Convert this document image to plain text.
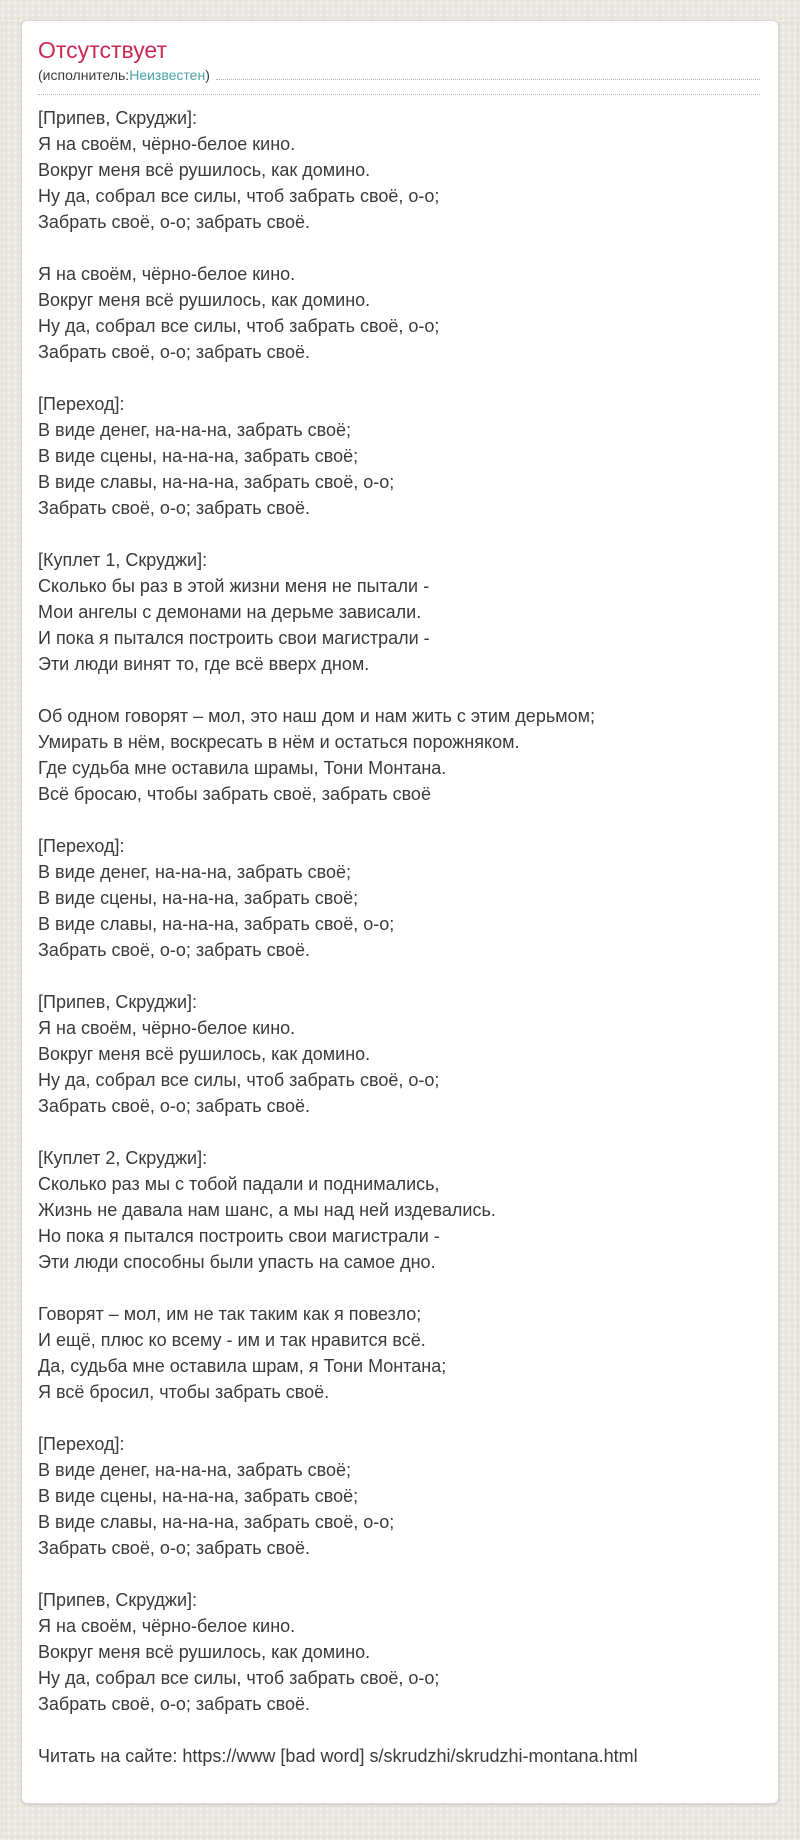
Отсутствует
(исполнитель: Неизвестен )

[Припев, Скруджи]:
Я на своём, чёрно-белое кино.
Вокруг меня всё рушилось, как домино.
Ну да, собрал все силы, чтоб забрать своё, о-о;
Забрать своё, о-о; забрать своё.

Я на своём, чёрно-белое кино.
Вокруг меня всё рушилось, как домино.
Ну да, собрал все силы, чтоб забрать своё, о-о;
Забрать своё, о-о; забрать своё.

[Переход]:
В виде денег, на-на-на, забрать своё;
В виде сцены, на-на-на, забрать своё;
В виде славы, на-на-на, забрать своё, о-о;
Забрать своё, о-о; забрать своё.

[Куплет 1, Скруджи]:
Сколько бы раз в этой жизни меня не пытали -
Мои ангелы с демонами на дерьме зависали.
И пока я пытался построить свои магистрали -
Эти люди винят то, где всё вверх дном.

Об одном говорят – мол, это наш дом и нам жить с этим дерьмом;
Умирать в нём, воскресать в нём и остаться порожняком.
Где судьба мне оставила шрамы, Тони Монтана.
Всё бросаю, чтобы забрать своё, забрать своё

[Переход]:
В виде денег, на-на-на, забрать своё;
В виде сцены, на-на-на, забрать своё;
В виде славы, на-на-на, забрать своё, о-о;
Забрать своё, о-о; забрать своё.

[Припев, Скруджи]:
Я на своём, чёрно-белое кино.
Вокруг меня всё рушилось, как домино.
Ну да, собрал все силы, чтоб забрать своё, о-о;
Забрать своё, о-о; забрать своё.

[Куплет 2, Скруджи]:
Сколько раз мы с тобой падали и поднимались,
Жизнь не давала нам шанс, а мы над ней издевались.
Но пока я пытался построить свои магистрали -
Эти люди способны были упасть на самое дно.

Говорят – мол, им не так таким как я повезло;
И ещё, плюс ко всему - им и так нравится всё.
Да, судьба мне оставила шрам, я Тони Монтана;
Я всё бросил, чтобы забрать своё.

[Переход]:
В виде денег, на-на-на, забрать своё;
В виде сцены, на-на-на, забрать своё;
В виде славы, на-на-на, забрать своё, о-о;
Забрать своё, о-о; забрать своё.

[Припев, Скруджи]:
Я на своём, чёрно-белое кино.
Вокруг меня всё рушилось, как домино.
Ну да, собрал все силы, чтоб забрать своё, о-о;
Забрать своё, о-о; забрать своё.

Читать на сайте: https://www [bad word] s/skrudzhi/skrudzhi-montana.html
